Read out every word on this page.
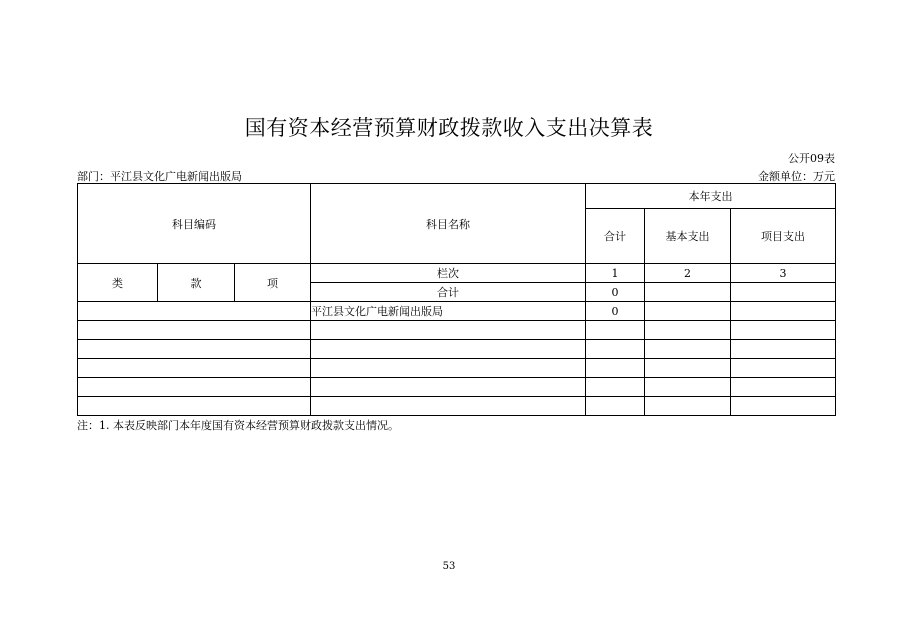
国有资本经营预算财政拨款收入支出决算表
公开09表
部门：平江县文化广电新闻出版局	金额单位：万元
科目编码			科目名称	本年支出		
				合计	基本支出	项目支出
类	款	项	栏次	1	2	3
			合计	0		
			平江县文化广电新闻出版局	0		

注：1. 本表反映部门本年度国有资本经营预算财政拨款支出情况。
53
